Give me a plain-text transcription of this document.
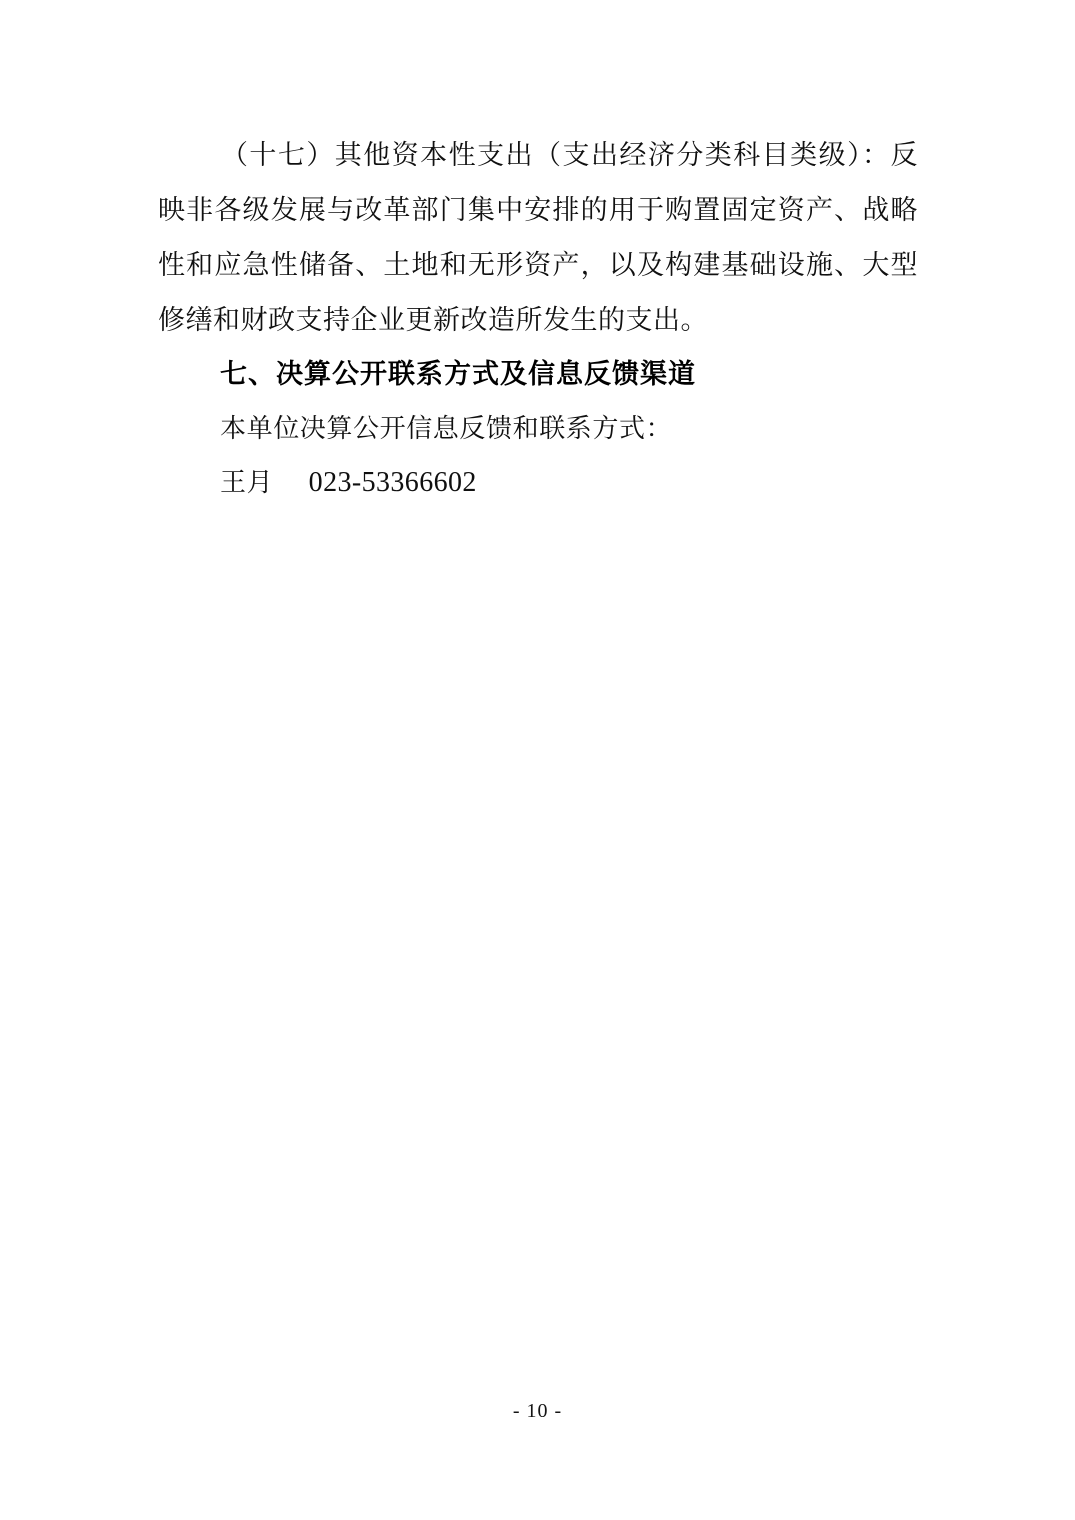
（十七）其他资本性支出（支出经济分类科目类级）：反映非各级发展与改革部门集中安排的用于购置固定资产、战略性和应急性储备、土地和无形资产，以及构建基础设施、大型修缮和财政支持企业更新改造所发生的支出。

七、决算公开联系方式及信息反馈渠道

本单位决算公开信息反馈和联系方式：

王月 023-53366602

- 10 -
